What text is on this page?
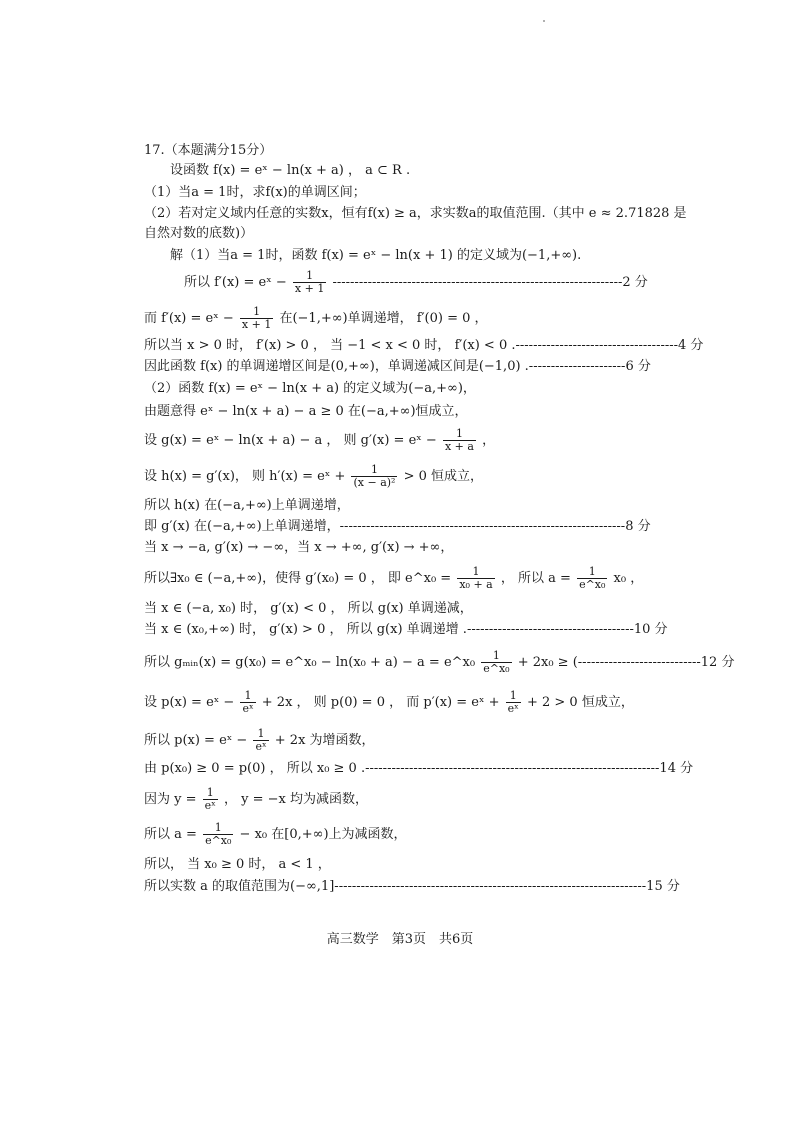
17.（本题满分15分）
设函数 f(x) = eˣ − ln(x + a) ， a ⊂ R .
（1）当a = 1时，求f(x)的单调区间；
（2）若对定义域内任意的实数x，恒有f(x) ≥ a，求实数a的取值范围.（其中 e ≈ 2.71828 是
自然对数的底数)）
解（1）当a = 1时，函数 f(x) = eˣ − ln(x + 1) 的定义域为(−1,+∞).
所以 f′(x) = eˣ − $\frac{1}{x + 1} ------------------------------------------------------------------2$ 分
而 f′(x) = eˣ − $\frac{1}{x + 1}$ 在(−1,+∞)单调递增， f′(0) = 0 ，
所以当 x > 0 时， f′(x) > 0 ， 当 −1 < x < 0 时， f′(x) < 0 .-------------------------------------4 分
因此函数 f(x) 的单调递增区间是(0,+∞)，单调递减区间是(−1,0) .----------------------6 分
（2）函数 f(x) = eˣ − ln(x + a) 的定义域为(−a,+∞)，
由题意得 eˣ − ln(x + a) − a ≥ 0 在(−a,+∞)恒成立，
设 g(x) = eˣ − ln(x + a) − a ， 则 g′(x) = eˣ − $\frac{1}{x + a}$ ，
设 h(x) = g′(x)， 则 h′(x) = eˣ + $\frac{1}{\text{(x − a)²}} > 0$ 恒成立，
所以 h(x) 在(−a,+∞)上单调递增，
即 g′(x) 在(−a,+∞)上单调递增，-----------------------------------------------------------------8 分
当 x → −a, g′(x) → −∞，当 x → +∞, g′(x) → +∞，
所以∃x₀ ∈ (−a,+∞)，使得 g′(x₀) = 0 ， 即 e^x₀ = $\frac{1}{\text{x₀ + a}}$ ， 所以 $a = \frac{1}{\text{e\textasciicircum{}x₀}} x_0$ ，
当 x ∈ (−a, x₀) 时， g′(x) < 0 ， 所以 g(x) 单调递减，
当 x ∈ (x₀,+∞) 时， g′(x) > 0 ， 所以 g(x) 单调递增 .--------------------------------------10 分
所以 gₘᵢₙ(x) = g(x₀) = e^x₀ − ln(x₀ + a) − a = e^x₀ $\frac{1}{\text{e\textasciicircum{}x₀}} + 2x_0 \ge (----------------------------12$ 分
设 p(x) = eˣ − $\frac{1}{\text{eˣ}} + 2x$ ， 则 p(0) = 0 ， 而 p′(x) = eˣ + $\frac{1}{\text{eˣ}} + 2 > 0$ 恒成立，
所以 p(x) = eˣ − $\frac{1}{\text{eˣ}} + 2x$ 为增函数，
由 p(x₀) ≥ 0 = p(0) ， 所以 x₀ ≥ 0 .-------------------------------------------------------------------14 分
因为 $y = \frac{1}{\text{eˣ}}$ ， y = −x 均为减函数，
所以 $a = \frac{1}{\text{e\textasciicircum{}x₀}} - x_0$ 在[0,+∞)上为减函数，
所以， 当 x₀ ≥ 0 时， a < 1 ，
所以实数 a 的取值范围为(−∞,1]-----------------------------------------------------------------------15 分
高三数学　第3页　共6页
